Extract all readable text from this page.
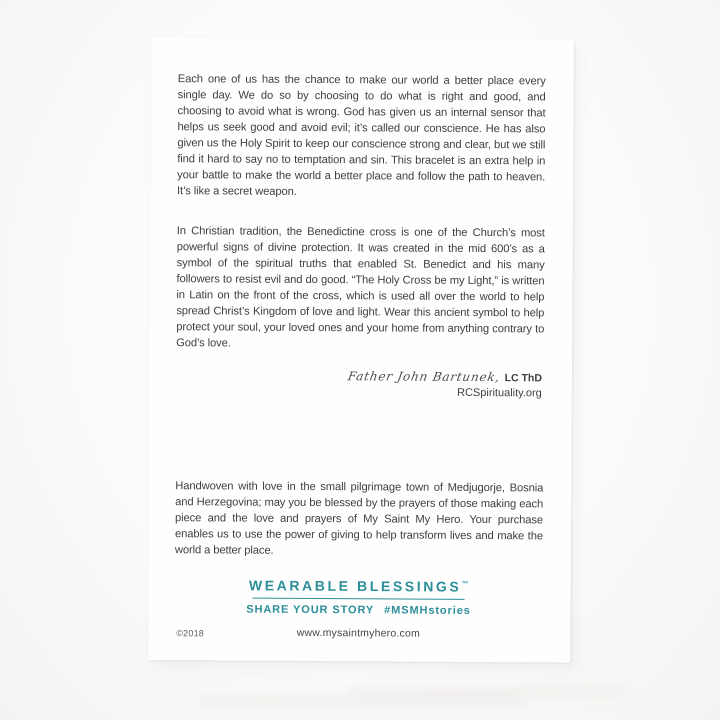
Each one of us has the chance to make our world a better place every single day. We do so by choosing to do what is right and good, and choosing to avoid what is wrong. God has given us an internal sensor that helps us seek good and avoid evil; it’s called our conscience. He has also given us the Holy Spirit to keep our conscience strong and clear, but we still find it hard to say no to temptation and sin. This bracelet is an extra help in your battle to make the world a better place and follow the path to heaven. It’s like a secret weapon.

In Christian tradition, the Benedictine cross is one of the Church’s most powerful signs of divine protection. It was created in the mid 600’s as a symbol of the spiritual truths that enabled St. Benedict and his many followers to resist evil and do good. “The Holy Cross be my Light,” is written in Latin on the front of the cross, which is used all over the world to help spread Christ’s Kingdom of love and light. Wear this ancient symbol to help protect your soul, your loved ones and your home from anything contrary to God’s love.

Father John Bartunek, LC ThD
RCSpirituality.org

Handwoven with love in the small pilgrimage town of Medjugorje, Bosnia and Herzegovina; may you be blessed by the prayers of those making each piece and the love and prayers of My Saint My Hero. Your purchase enables us to use the power of giving to help transform lives and make the world a better place.

WEARABLE BLESSINGS™
SHARE YOUR STORY #MSMHstories
©2018	www.mysaintmyhero.com
